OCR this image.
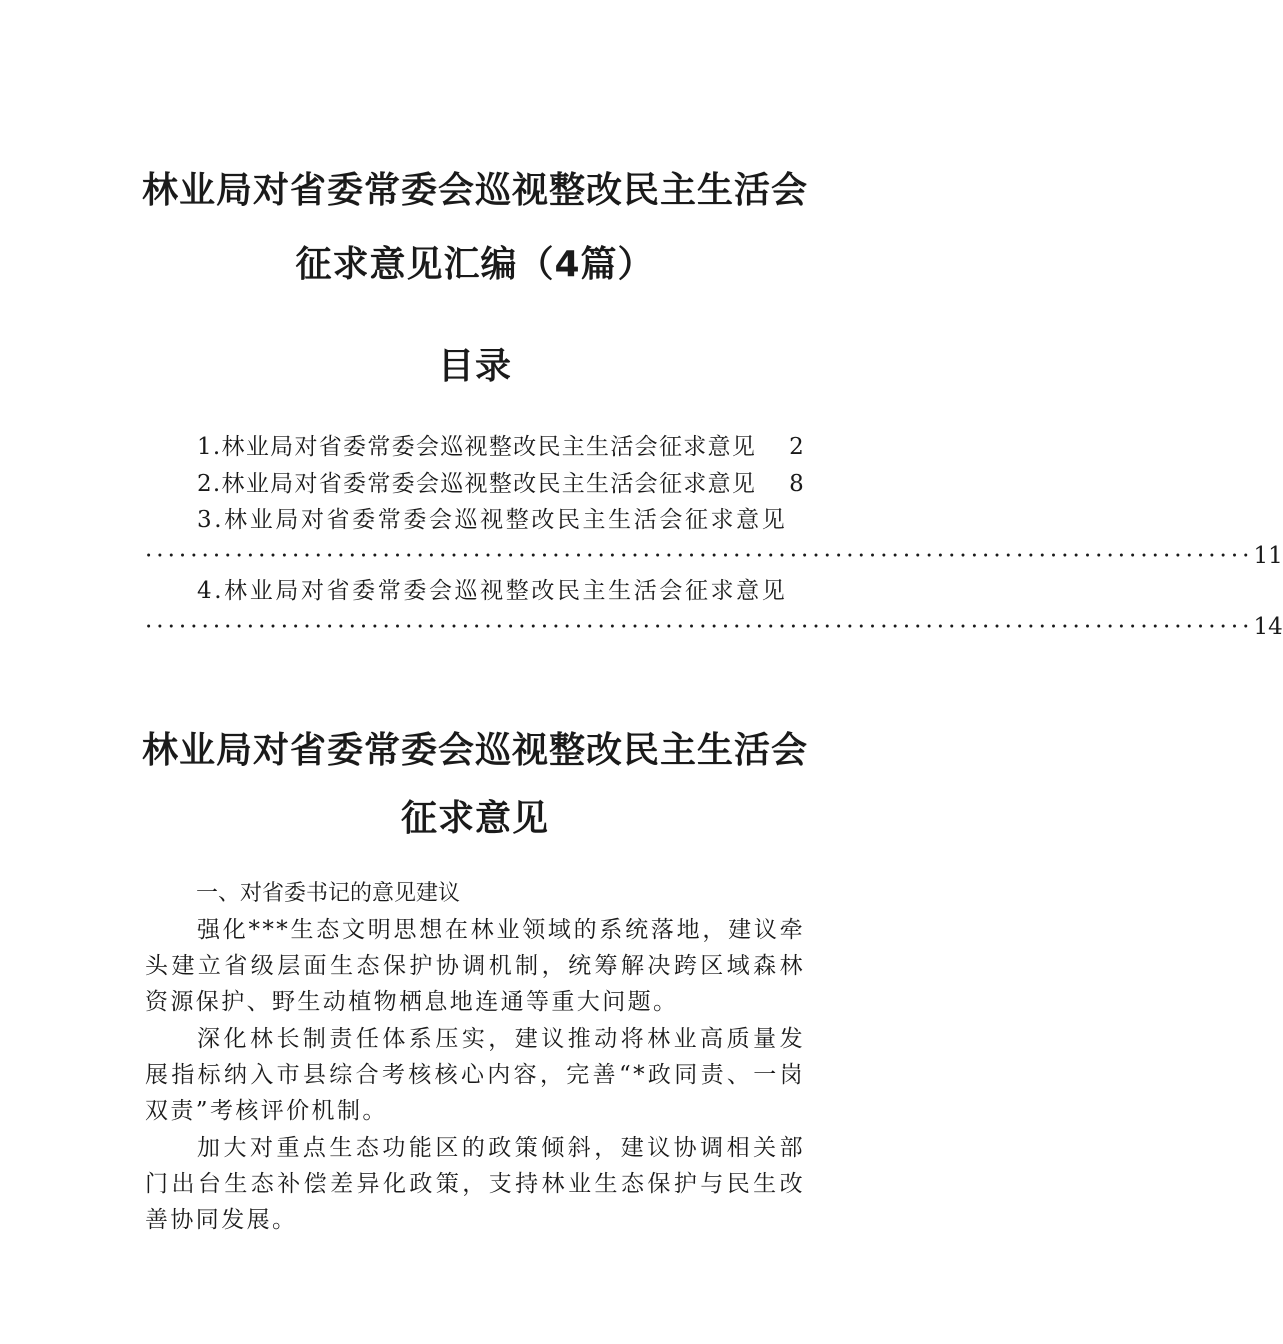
林业局对省委常委会巡视整改民主生活会
征求意见汇编（4篇）
目录
1.林业局对省委常委会巡视整改民主生活会征求意见 2
2.林业局对省委常委会巡视整改民主生活会征求意见 8
3.林业局对省委常委会巡视整改民主生活会征求意见
·································································································· 11
4.林业局对省委常委会巡视整改民主生活会征求意见
·································································································· 14
林业局对省委常委会巡视整改民主生活会
征求意见
一、对省委书记的意见建议
强化***生态文明思想在林业领域的系统落地，建议牵头建立省级层面生态保护协调机制，统筹解决跨区域森林资源保护、野生动植物栖息地连通等重大问题。
深化林长制责任体系压实，建议推动将林业高质量发展指标纳入市县综合考核核心内容，完善“*政同责、一岗双责”考核评价机制。
加大对重点生态功能区的政策倾斜，建议协调相关部门出台生态补偿差异化政策，支持林业生态保护与民生改善协同发展。
